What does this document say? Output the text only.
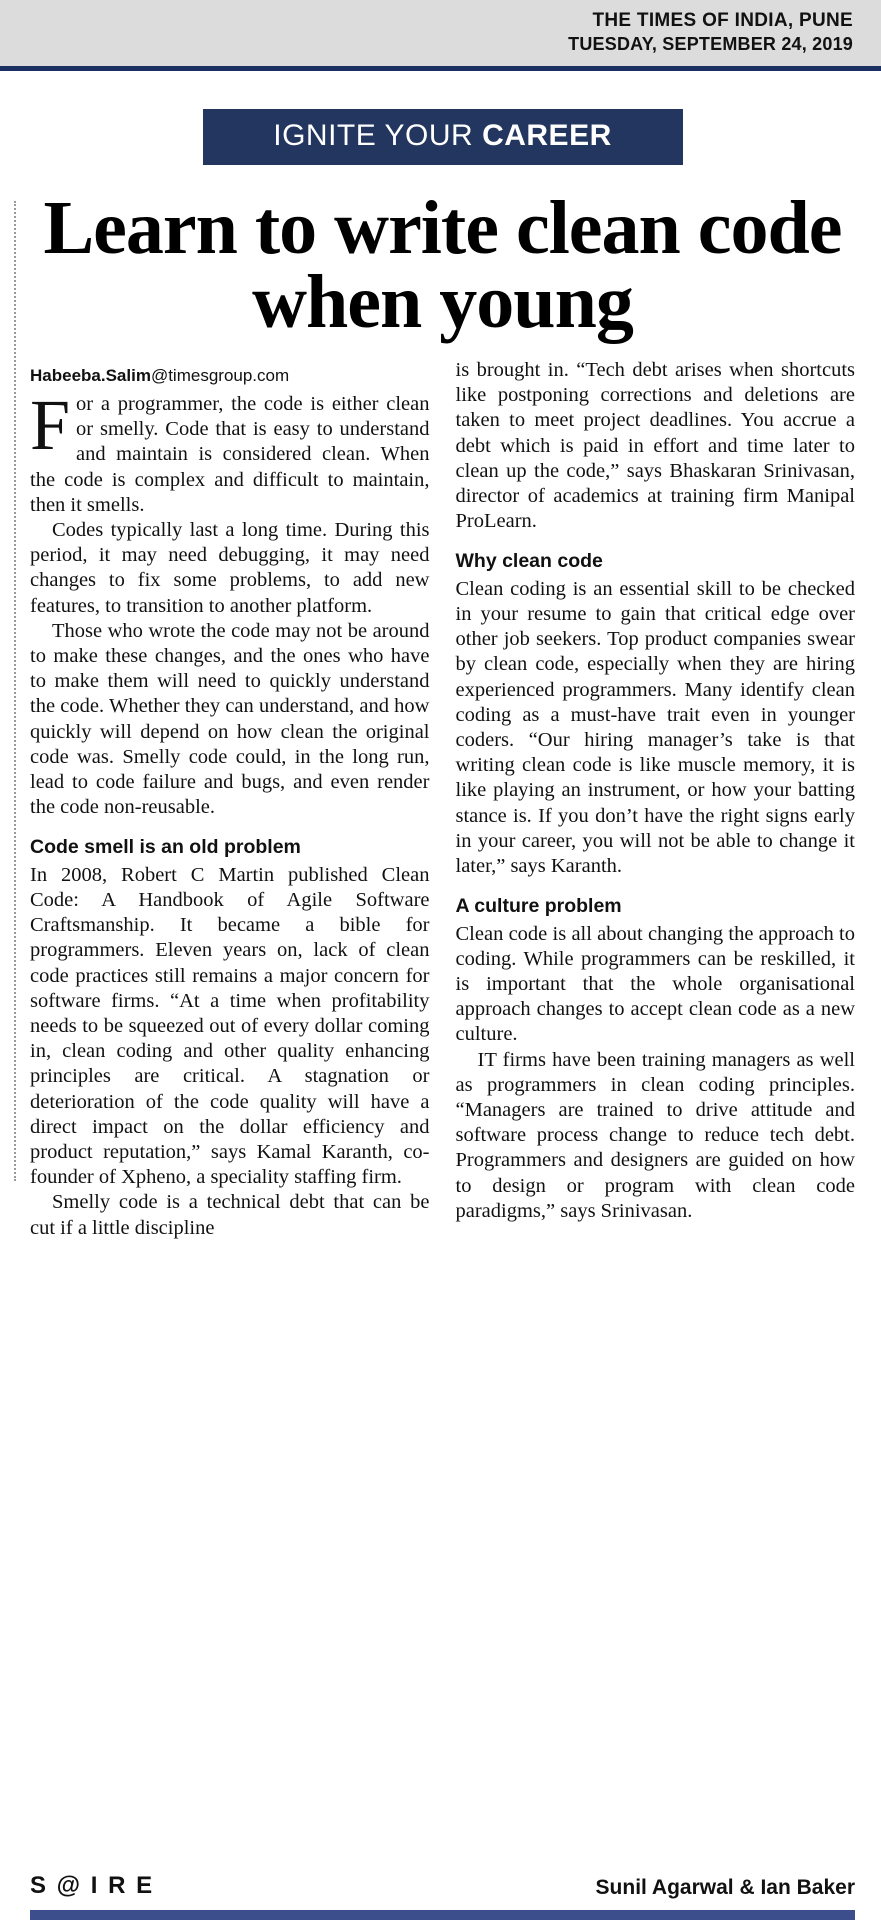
THE TIMES OF INDIA, PUNE
TUESDAY, SEPTEMBER 24, 2019
IGNITE YOUR CAREER
Learn to write clean code when young
Habeeba.Salim@timesgroup.com

For a programmer, the code is either clean or smelly. Code that is easy to understand and maintain is considered clean. When the code is complex and difficult to maintain, then it smells.

Codes typically last a long time. During this period, it may need debugging, it may need changes to fix some problems, to add new features, to transition to another platform.

Those who wrote the code may not be around to make these changes, and the ones who have to make them will need to quickly understand the code. Whether they can understand, and how quickly will depend on how clean the original code was. Smelly code could, in the long run, lead to code failure and bugs, and even render the code non-reusable.

Code smell is an old problem

In 2008, Robert C Martin published Clean Code: A Handbook of Agile Software Craftsmanship. It became a bible for programmers. Eleven years on, lack of clean code practices still remains a major concern for software firms. “At a time when profitability needs to be squeezed out of every dollar coming in, clean coding and other quality enhancing principles are critical. A stagnation or deterioration of the code quality will have a direct impact on the dollar efficiency and product reputation,” says Kamal Karanth, co-founder of Xpheno, a speciality staffing firm.

Smelly code is a technical debt that can be cut if a little discipline

is brought in. “Tech debt arises when shortcuts like postponing corrections and deletions are taken to meet project deadlines. You accrue a debt which is paid in effort and time later to clean up the code,” says Bhaskaran Srinivasan, director of academics at training firm Manipal ProLearn.

Why clean code

Clean coding is an essential skill to be checked in your resume to gain that critical edge over other job seekers. Top product companies swear by clean code, especially when they are hiring experienced programmers. Many identify clean coding as a must-have trait even in younger coders. “Our hiring manager’s take is that writing clean code is like muscle memory, it is like playing an instrument, or how your batting stance is. If you don’t have the right signs early in your career, you will not be able to change it later,” says Karanth.

A culture problem

Clean code is all about changing the approach to coding. While programmers can be reskilled, it is important that the whole organisational approach changes to accept clean code as a new culture.

IT firms have been training managers as well as programmers in clean coding principles. “Managers are trained to drive attitude and software process change to reduce tech debt. Programmers and designers are guided on how to design or program with clean code paradigms,” says Srinivasan.

S @ I R E	Sunil Agarwal & Ian Baker
